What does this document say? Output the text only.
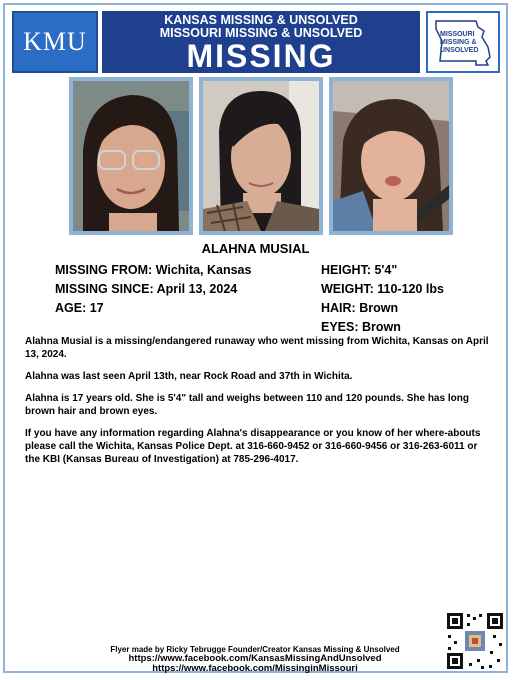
KMU
KANSAS MISSING & UNSOLVED
MISSOURI MISSING & UNSOLVED
MISSING
MISSOURI
MISSING &
UNSOLVED
ALAHNA MUSIAL
MISSING FROM: Wichita, Kansas
MISSING SINCE: April 13, 2024
AGE: 17
HEIGHT: 5'4"
WEIGHT: 110-120 lbs
HAIR: Brown
EYES: Brown

Alahna Musial is a missing/endangered runaway who went missing from Wichita, Kansas on April 13, 2024.

Alahna was last seen April 13th, near Rock Road and 37th in Wichita.

Alahna is 17 years old. She is 5'4" tall and weighs between 110 and 120 pounds. She has long brown hair and brown eyes.

If you have any information regarding Alahna's disappearance or you know of her where-abouts please call the Wichita, Kansas Police Dept. at 316-660-9452 or 316-660-9456 or 316-263-6011 or the KBI (Kansas Bureau of Investigation) at 785-296-4017.

Flyer made by Ricky Tebrugge Founder/Creator Kansas Missing & Unsolved
https://www.facebook.com/KansasMissingAndUnsolved
https://www.facebook.com/MissinginMissouri
